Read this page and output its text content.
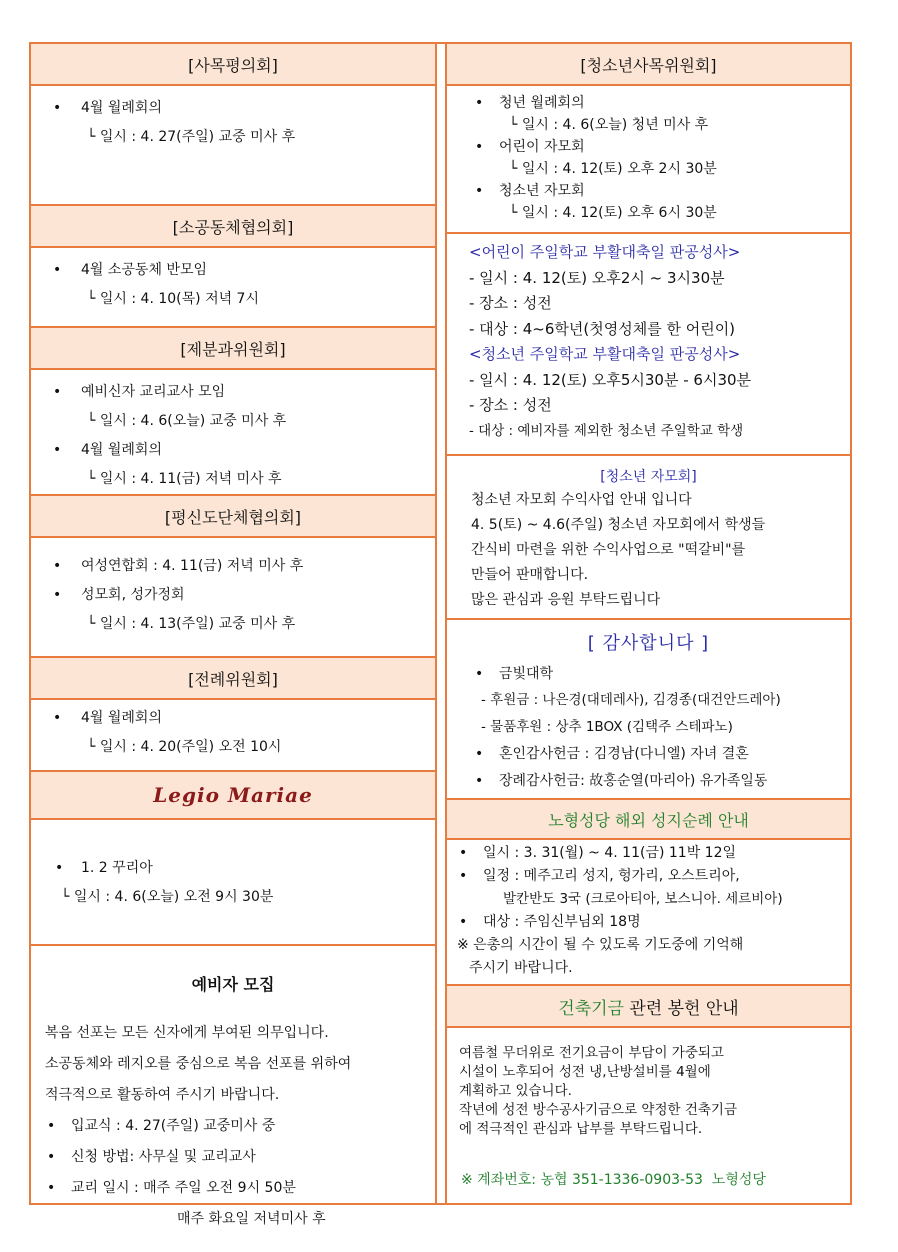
[사목평의회]
• 4월 월례회의
└ 일시 : 4. 27(주일) 교중 미사 후
[소공동체협의회]
• 4월 소공동체 반모임
└ 일시 : 4. 10(목) 저녁 7시
[제분과위원회]
• 예비신자 교리교사 모임
└ 일시 : 4. 6(오늘) 교중 미사 후
• 4월 월례회의
└ 일시 : 4. 11(금) 저녁 미사 후
[평신도단체협의회]
• 여성연합회 : 4. 11(금) 저녁 미사 후
• 성모회, 성가정회
└ 일시 : 4. 13(주일) 교중 미사 후
[전례위원회]
• 4월 월례회의
└ 일시 : 4. 20(주일) 오전 10시
Legio Mariae
• 1. 2 꾸리아
└ 일시 : 4. 6(오늘) 오전 9시 30분
예비자 모집
복음 선포는 모든 신자에게 부여된 의무입니다.
소공동체와 레지오를 중심으로 복음 선포를 위하여
적극적으로 활동하여 주시기 바랍니다.
• 입교식 : 4. 27(주일) 교중미사 중
• 신청 방법: 사무실 및 교리교사
• 교리 일시 : 매주 주일 오전 9시 50분
매주 화요일 저녁미사 후
[청소년사목위원회]
• 청년 월례회의
└ 일시 : 4. 6(오늘) 청년 미사 후
• 어린이 자모회
└ 일시 : 4. 12(토) 오후 2시 30분
• 청소년 자모회
└ 일시 : 4. 12(토) 오후 6시 30분
<어린이 주일학교 부활대축일 판공성사>
- 일시 : 4. 12(토) 오후2시 ~ 3시30분
- 장소 : 성전
- 대상 : 4~6학년(첫영성체를 한 어린이)
<청소년 주일학교 부활대축일 판공성사>
- 일시 : 4. 12(토) 오후5시30분 - 6시30분
- 장소 : 성전
- 대상 : 예비자를 제외한 청소년 주일학교 학생
[청소년 자모회]
청소년 자모회 수익사업 안내 입니다
4. 5(토) ~ 4.6(주일) 청소년 자모회에서 학생들
간식비 마련을 위한 수익사업으로 "떡갈비"를
만들어 판매합니다.
많은 관심과 응원 부탁드립니다
[ 감사합니다 ]
• 금빛대학
- 후원금 : 나은경(대데레사), 김경종(대건안드레아)
- 물품후원 : 상추 1BOX (김택주 스테파노)
• 혼인감사헌금 : 김경남(다니엘) 자녀 결혼
• 장례감사헌금: 故홍순열(마리아) 유가족일동
노형성당 해외 성지순례 안내
• 일시 : 3. 31(월) ~ 4. 11(금) 11박 12일
• 일정 : 메주고리 성지, 헝가리, 오스트리아,
발칸반도 3국 (크로아티아, 보스니아. 세르비아)
• 대상 : 주임신부님외 18명
※ 은총의 시간이 될 수 있도록 기도중에 기억해
주시기 바랍니다.
건축기금 관련 봉헌 안내
여름철 무더위로 전기요금이 부담이 가중되고
시설이 노후되어 성전 냉,난방설비를 4월에
계획하고 있습니다.
작년에 성전 방수공사기금으로 약정한 건축기금
에 적극적인 관심과 납부를 부탁드립니다.
※ 계좌번호: 농협 351-1336-0903-53  노형성당
